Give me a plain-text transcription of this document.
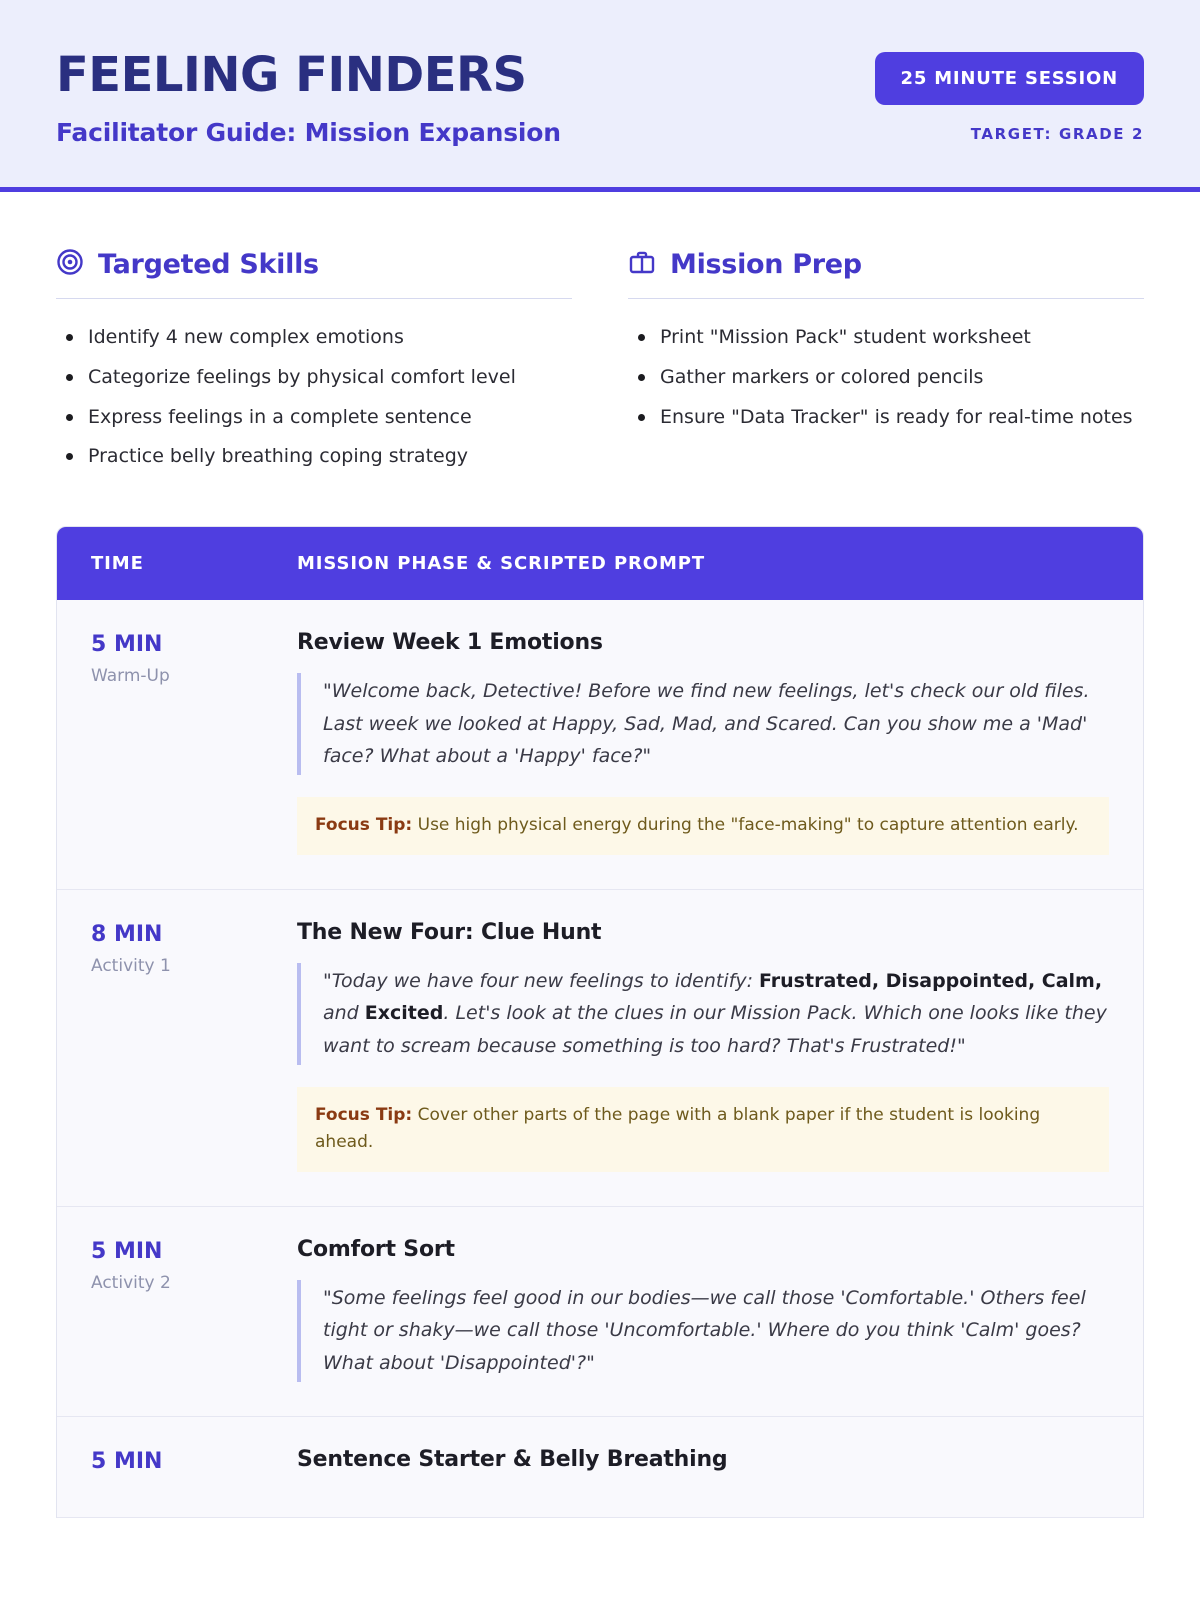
FEELING FINDERS
Facilitator Guide: Mission Expansion
25 MINUTE SESSION
TARGET: GRADE 2
Targeted Skills
Identify 4 new complex emotions
Categorize feelings by physical comfort level
Express feelings in a complete sentence
Practice belly breathing coping strategy
Mission Prep
Print "Mission Pack" student worksheet
Gather markers or colored pencils
Ensure "Data Tracker" is ready for real-time notes
TIME	MISSION PHASE & SCRIPTED PROMPT
5 MIN
Warm-Up
Review Week 1 Emotions
"Welcome back, Detective! Before we find new feelings, let's check our old files. Last week we looked at Happy, Sad, Mad, and Scared. Can you show me a 'Mad' face? What about a 'Happy' face?"
Focus Tip: Use high physical energy during the "face-making" to capture attention early.
8 MIN
Activity 1
The New Four: Clue Hunt
"Today we have four new feelings to identify: Frustrated, Disappointed, Calm, and Excited. Let's look at the clues in our Mission Pack. Which one looks like they want to scream because something is too hard? That's Frustrated!"
Focus Tip: Cover other parts of the page with a blank paper if the student is looking ahead.
5 MIN
Activity 2
Comfort Sort
"Some feelings feel good in our bodies—we call those 'Comfortable.' Others feel tight or shaky—we call those 'Uncomfortable.' Where do you think 'Calm' goes? What about 'Disappointed'?"
5 MIN	Sentence Starter & Belly Breathing
